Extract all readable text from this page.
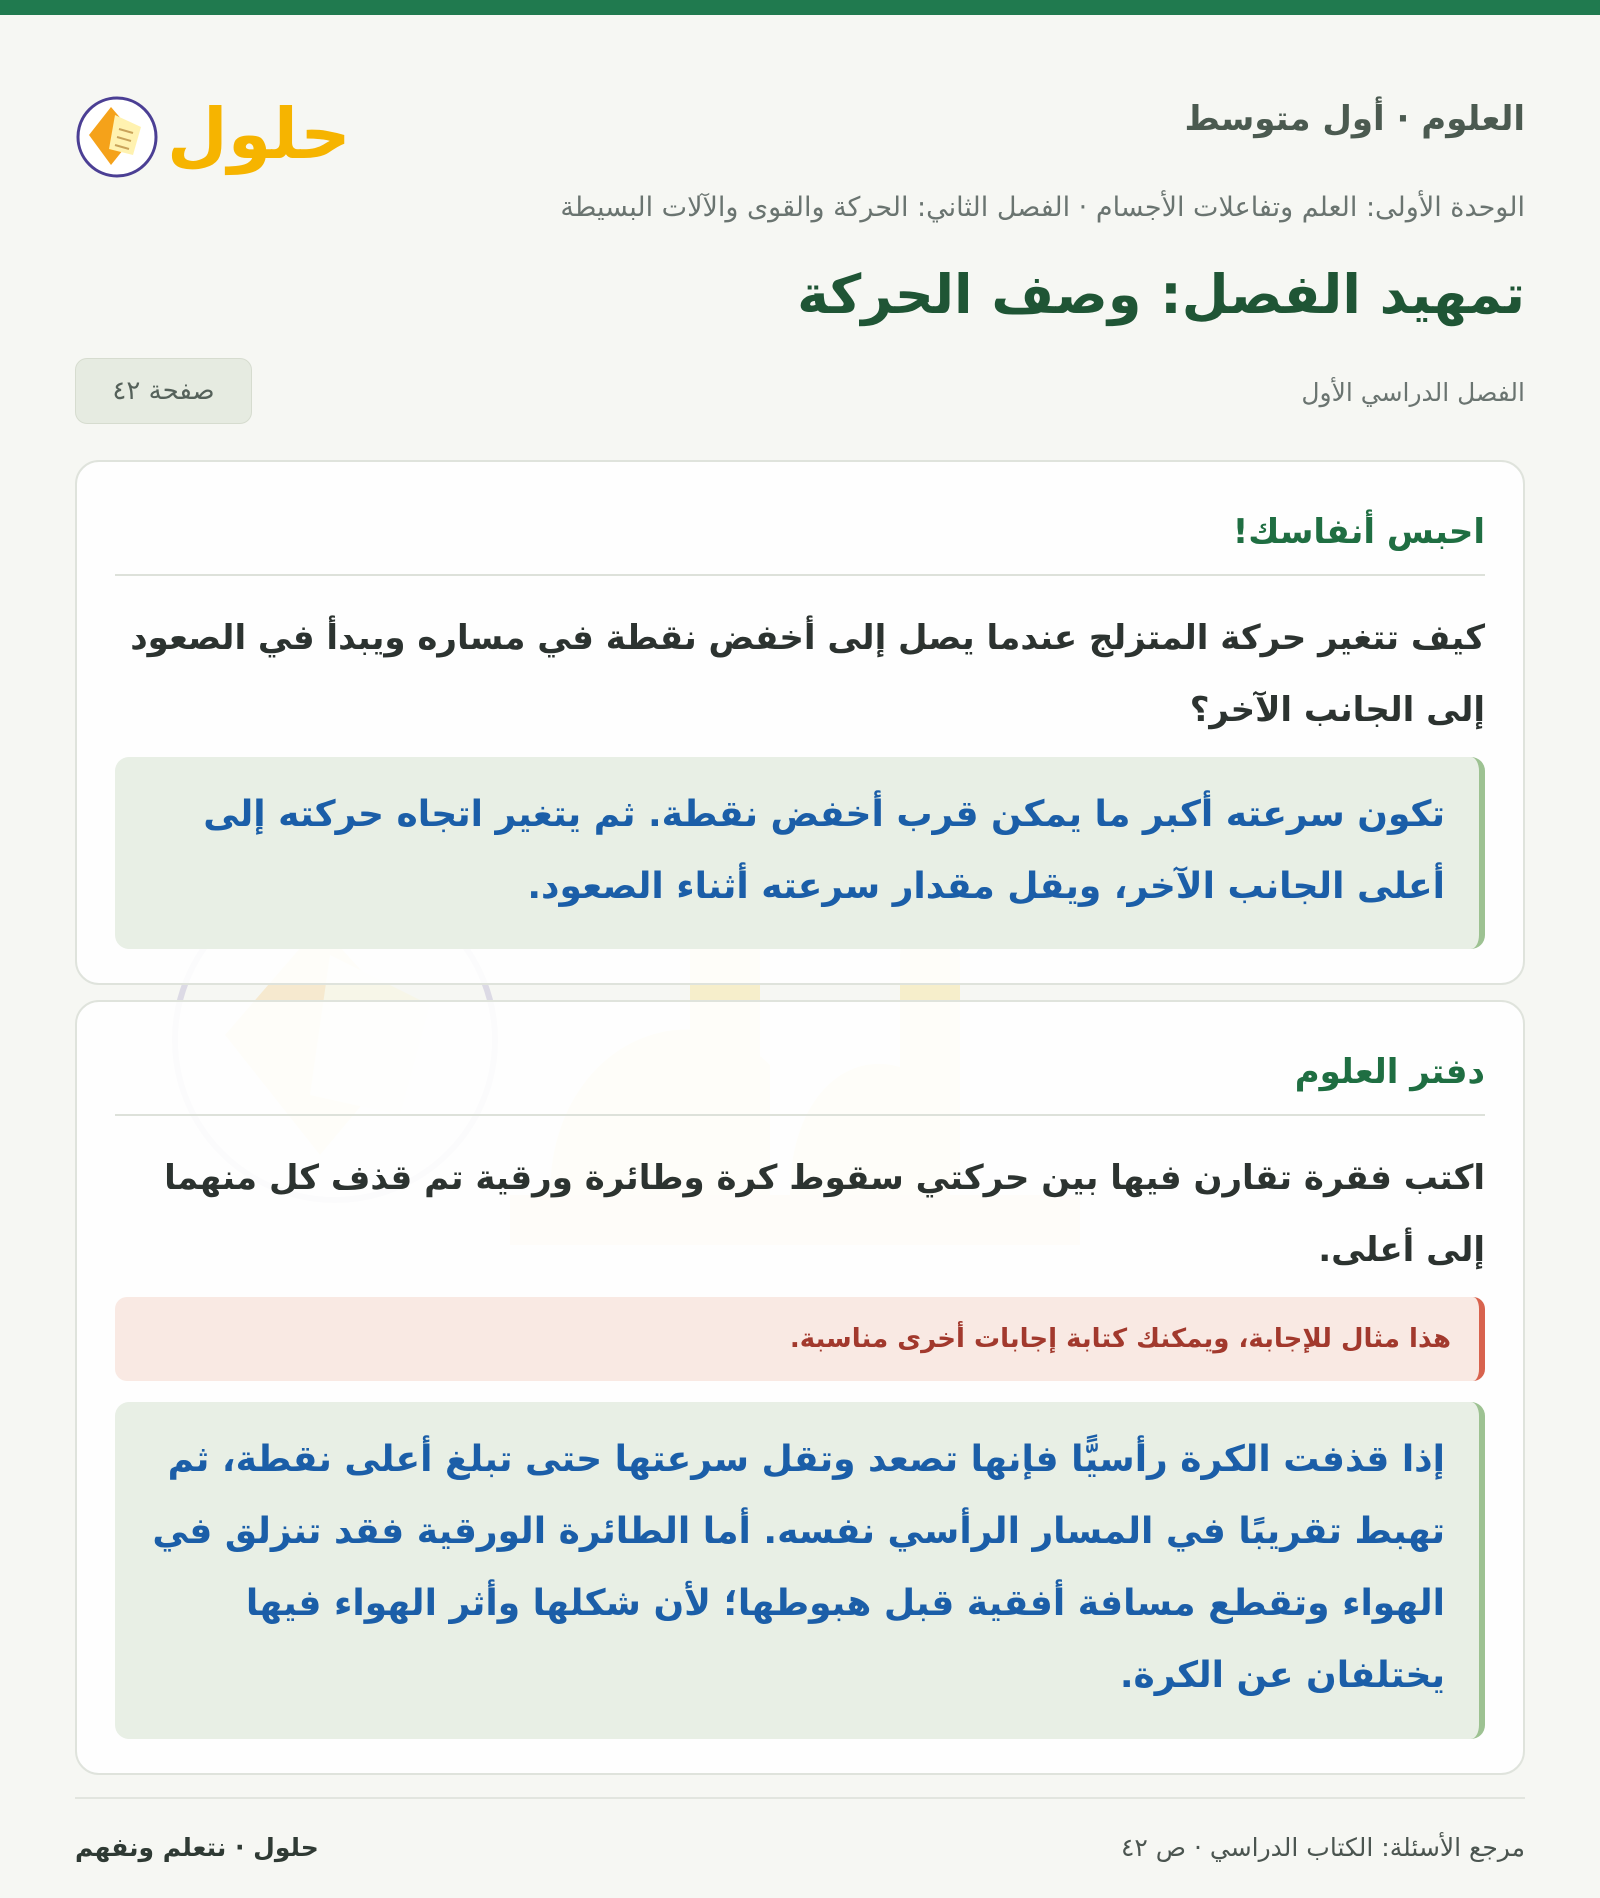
العلوم · أول متوسط
حلول
الوحدة الأولى: العلم وتفاعلات الأجسام · الفصل الثاني: الحركة والقوى والآلات البسيطة
تمهيد الفصل: وصف الحركة
الفصل الدراسي الأول
صفحة ٤٢
احبس أنفاسك!

كيف تتغير حركة المتزلج عندما يصل إلى أخفض نقطة في مساره ويبدأ في الصعود إلى الجانب الآخر؟

تكون سرعته أكبر ما يمكن قرب أخفض نقطة. ثم يتغير اتجاه حركته إلى أعلى الجانب الآخر، ويقل مقدار سرعته أثناء الصعود.
دفتر العلوم

اكتب فقرة تقارن فيها بين حركتي سقوط كرة وطائرة ورقية تم قذف كل منهما إلى أعلى.

هذا مثال للإجابة، ويمكنك كتابة إجابات أخرى مناسبة.
إذا قذفت الكرة رأسيًّا فإنها تصعد وتقل سرعتها حتى تبلغ أعلى نقطة، ثم تهبط تقريبًا في المسار الرأسي نفسه. أما الطائرة الورقية فقد تنزلق في الهواء وتقطع مسافة أفقية قبل هبوطها؛ لأن شكلها وأثر الهواء فيها يختلفان عن الكرة.
مرجع الأسئلة: الكتاب الدراسي · ص ٤٢
حلول · نتعلم ونفهم
